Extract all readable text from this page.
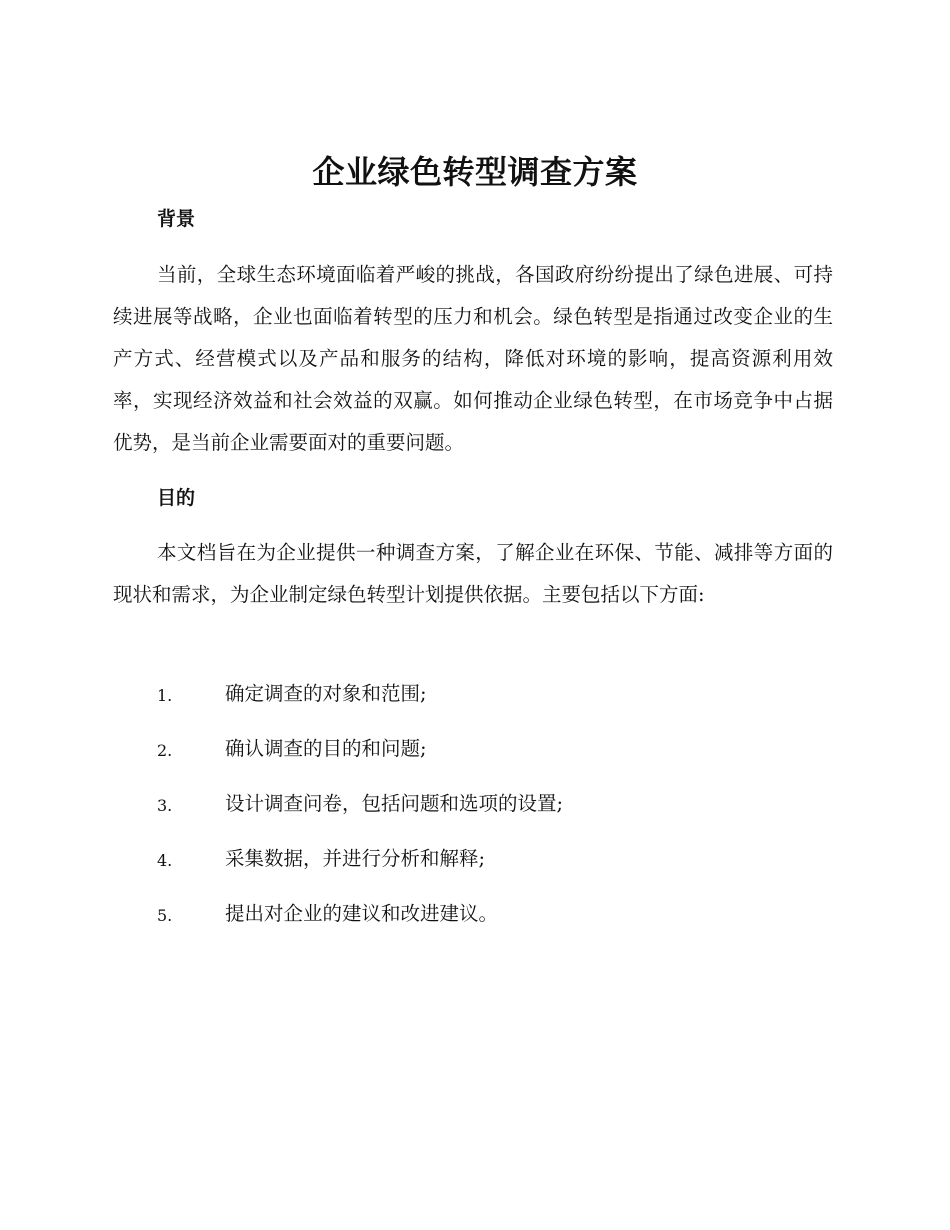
企业绿色转型调查方案
背景

当前，全球生态环境面临着严峻的挑战，各国政府纷纷提出了绿色进展、可持续进展等战略，企业也面临着转型的压力和机会。绿色转型是指通过改变企业的生产方式、经营模式以及产品和服务的结构，降低对环境的影响，提高资源利用效率，实现经济效益和社会效益的双赢。如何推动企业绿色转型，在市场竞争中占据优势，是当前企业需要面对的重要问题。

目的

本文档旨在为企业提供一种调查方案，了解企业在环保、节能、减排等方面的现状和需求，为企业制定绿色转型计划提供依据。主要包括以下方面:

1.	确定调查的对象和范围;
2.	确认调查的目的和问题;
3.	设计调查问卷，包括问题和选项的设置;
4.	采集数据，并进行分析和解释;
5.	提出对企业的建议和改进建议。
